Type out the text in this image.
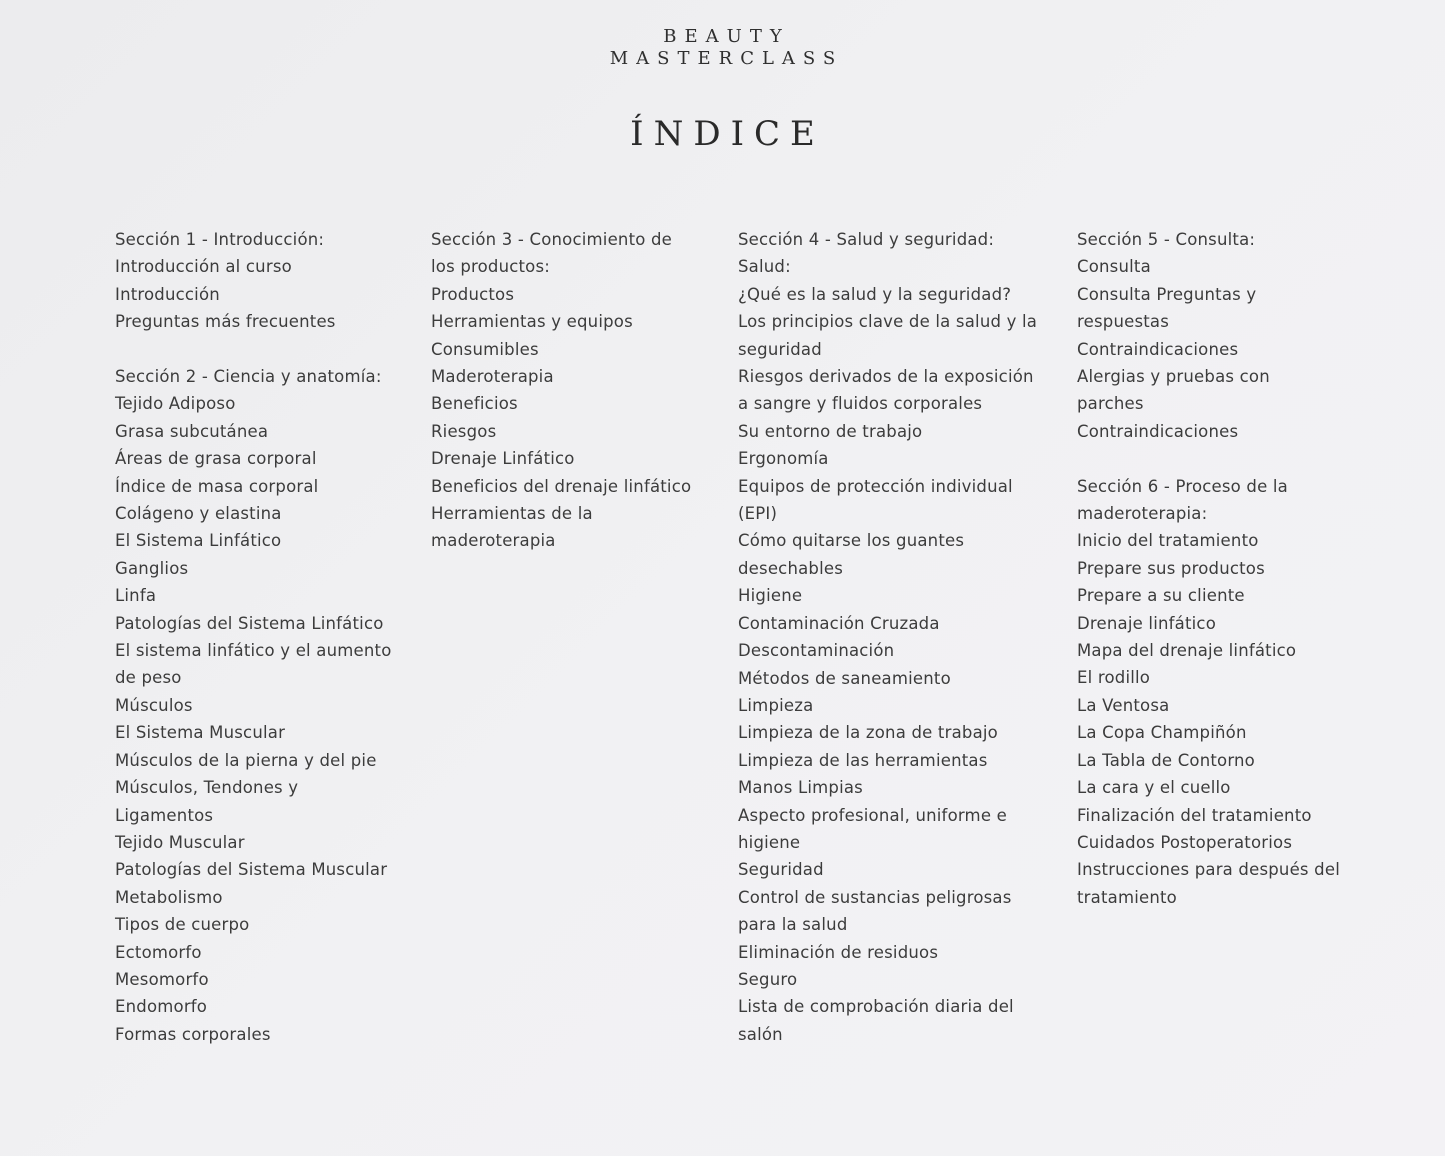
BEAUTY
MASTERCLASS
ÍNDICE
Sección 1 - Introducción:
Introducción al curso
Introducción
Preguntas más frecuentes
Sección 2 - Ciencia y anatomía:
Tejido Adiposo
Grasa subcutánea
Áreas de grasa corporal
Índice de masa corporal
Colágeno y elastina
El Sistema Linfático
Ganglios
Linfa
Patologías del Sistema Linfático
El sistema linfático y el aumento
de peso
Músculos
El Sistema Muscular
Músculos de la pierna y del pie
Músculos, Tendones y
Ligamentos
Tejido Muscular
Patologías del Sistema Muscular
Metabolismo
Tipos de cuerpo
Ectomorfo
Mesomorfo
Endomorfo
Formas corporales
Sección 3 - Conocimiento de
los productos:
Productos
Herramientas y equipos
Consumibles
Maderoterapia
Beneficios
Riesgos
Drenaje Linfático
Beneficios del drenaje linfático
Herramientas de la
maderoterapia
Sección 4 - Salud y seguridad:
Salud:
¿Qué es la salud y la seguridad?
Los principios clave de la salud y la
seguridad
Riesgos derivados de la exposición
a sangre y fluidos corporales
Su entorno de trabajo
Ergonomía
Equipos de protección individual
(EPI)
Cómo quitarse los guantes
desechables
Higiene
Contaminación Cruzada
Descontaminación
Métodos de saneamiento
Limpieza
Limpieza de la zona de trabajo
Limpieza de las herramientas
Manos Limpias
Aspecto profesional, uniforme e
higiene
Seguridad
Control de sustancias peligrosas
para la salud
Eliminación de residuos
Seguro
Lista de comprobación diaria del
salón
Sección 5 - Consulta:
Consulta
Consulta Preguntas y
respuestas
Contraindicaciones
Alergias y pruebas con
parches
Contraindicaciones
Sección 6 - Proceso de la
maderoterapia:
Inicio del tratamiento
Prepare sus productos
Prepare a su cliente
Drenaje linfático
Mapa del drenaje linfático
El rodillo
La Ventosa
La Copa Champiñón
La Tabla de Contorno
La cara y el cuello
Finalización del tratamiento
Cuidados Postoperatorios
Instrucciones para después del
tratamiento
